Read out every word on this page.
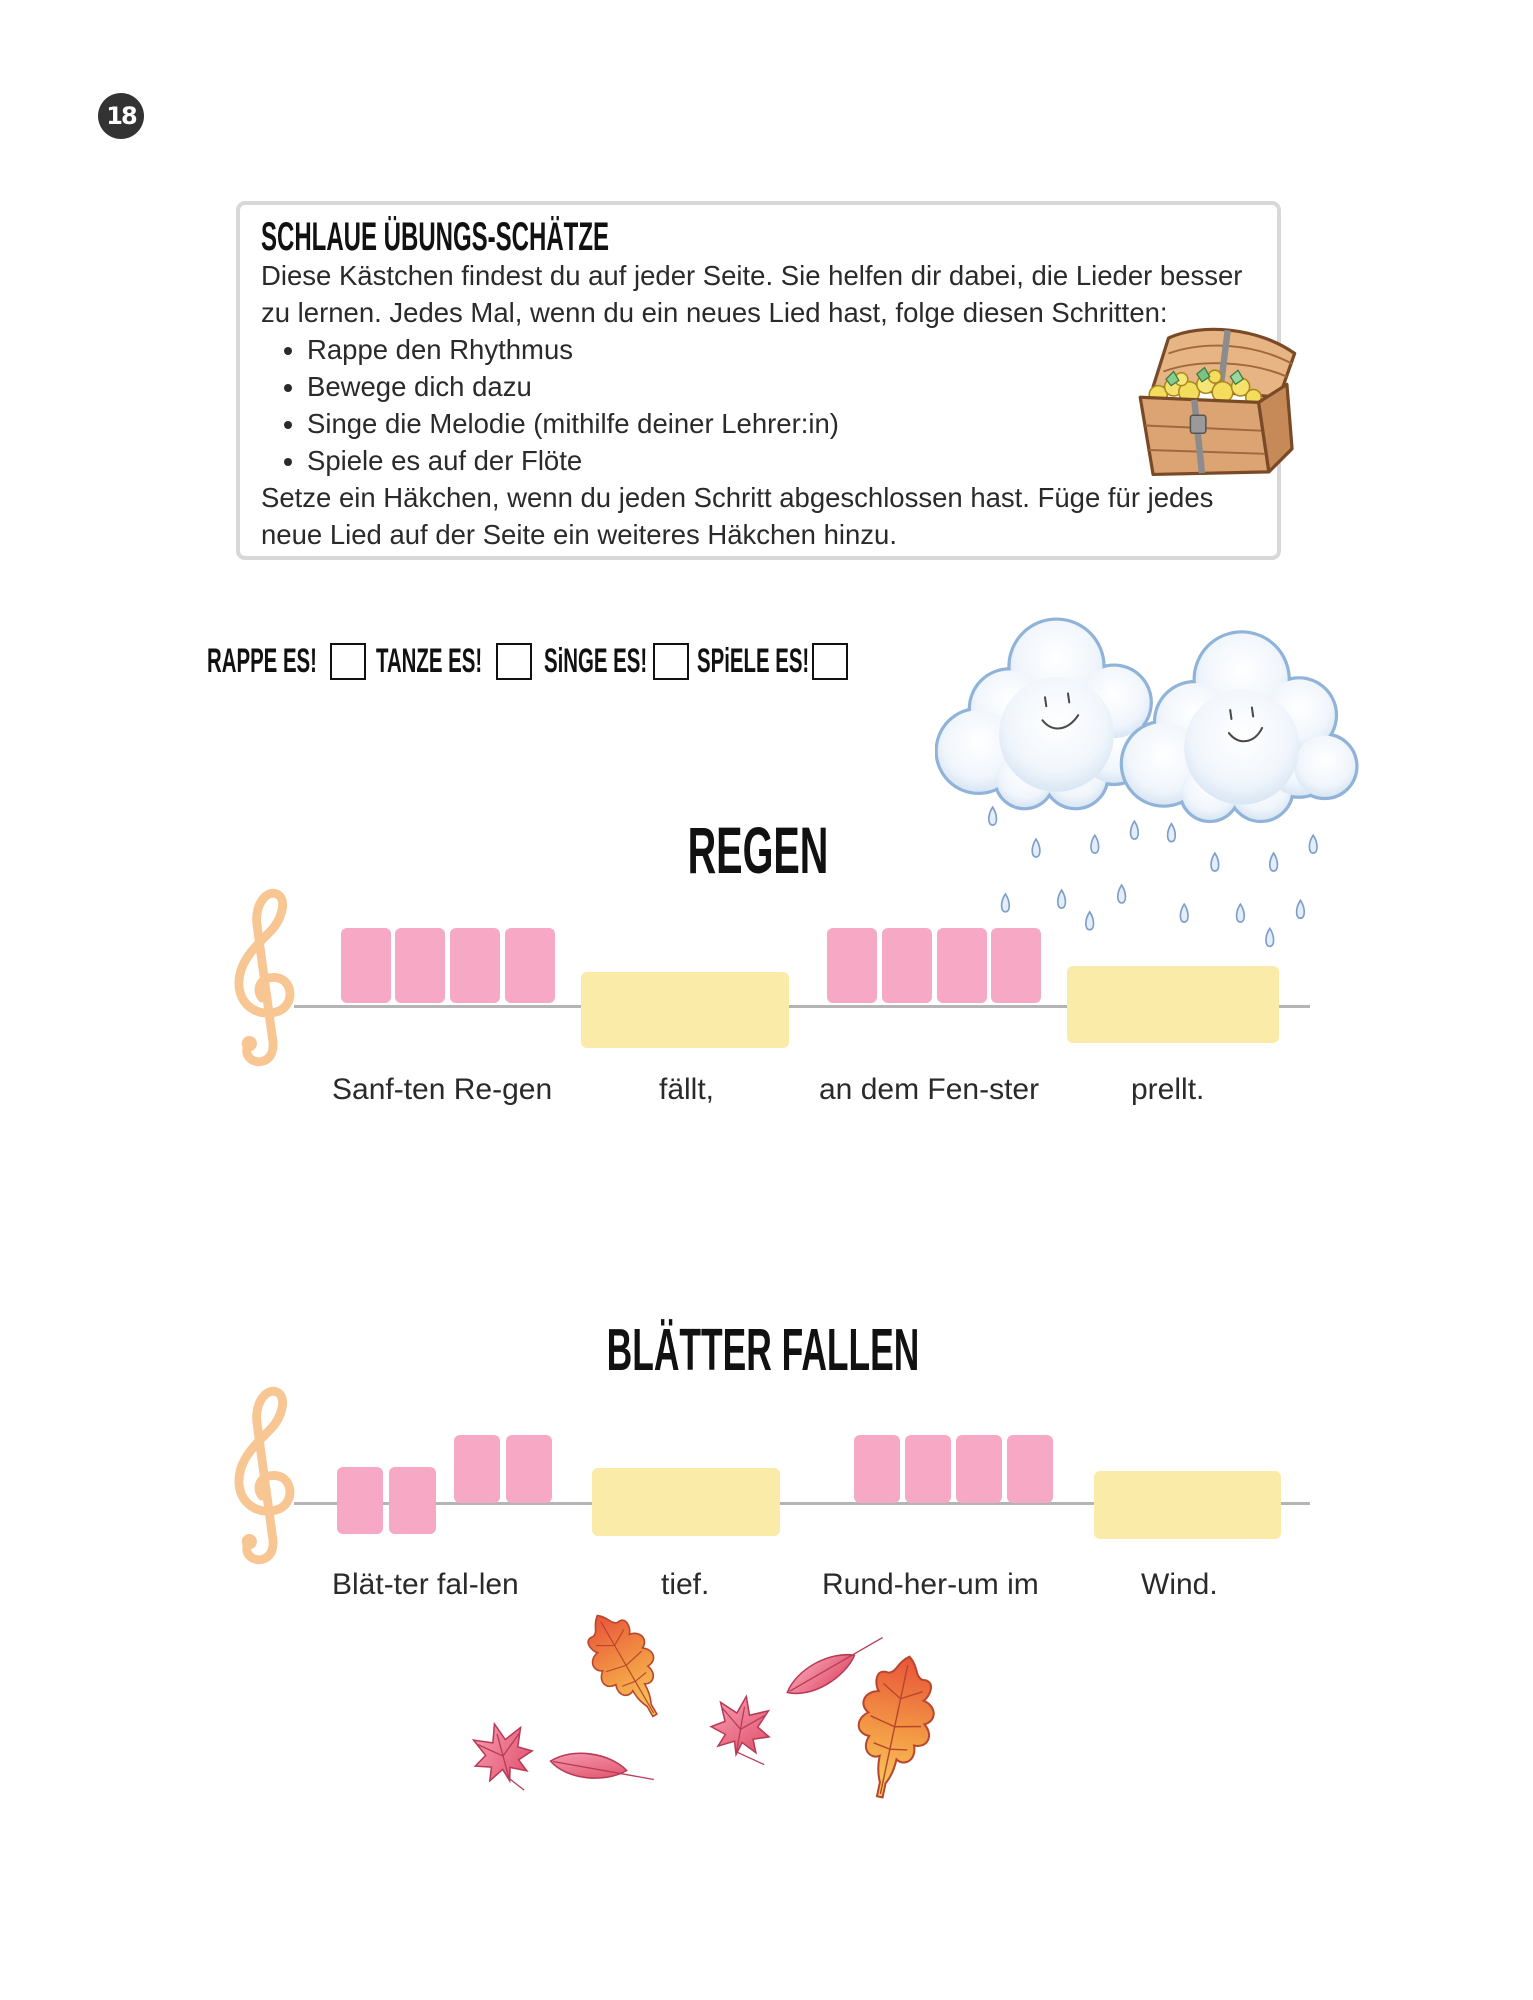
18
SCHLAUE ÜBUNGS-SCHÄTZE

Diese Kästchen findest du auf jeder Seite. Sie helfen dir dabei, die Lieder besser zu lernen. Jedes Mal, wenn du ein neues Lied hast, folge diesen Schritten:

• Rappe den Rhythmus
• Bewege dich dazu
• Singe die Melodie (mithilfe deiner Lehrer:in)
• Spiele es auf der Flöte

Setze ein Häkchen, wenn du jeden Schritt abgeschlossen hast. Füge für jedes neue Lied auf der Seite ein weiteres Häkchen hinzu.

RAPPE ES! TANZE ES! SiNGE ES! SPiELE ES!
REGEN
Sanf-ten Re-gen	fällt,	an dem Fen-ster	prellt.
BLÄTTER FALLEN
Blät-ter fal-len	tief.	Rund-her-um im	Wind.
